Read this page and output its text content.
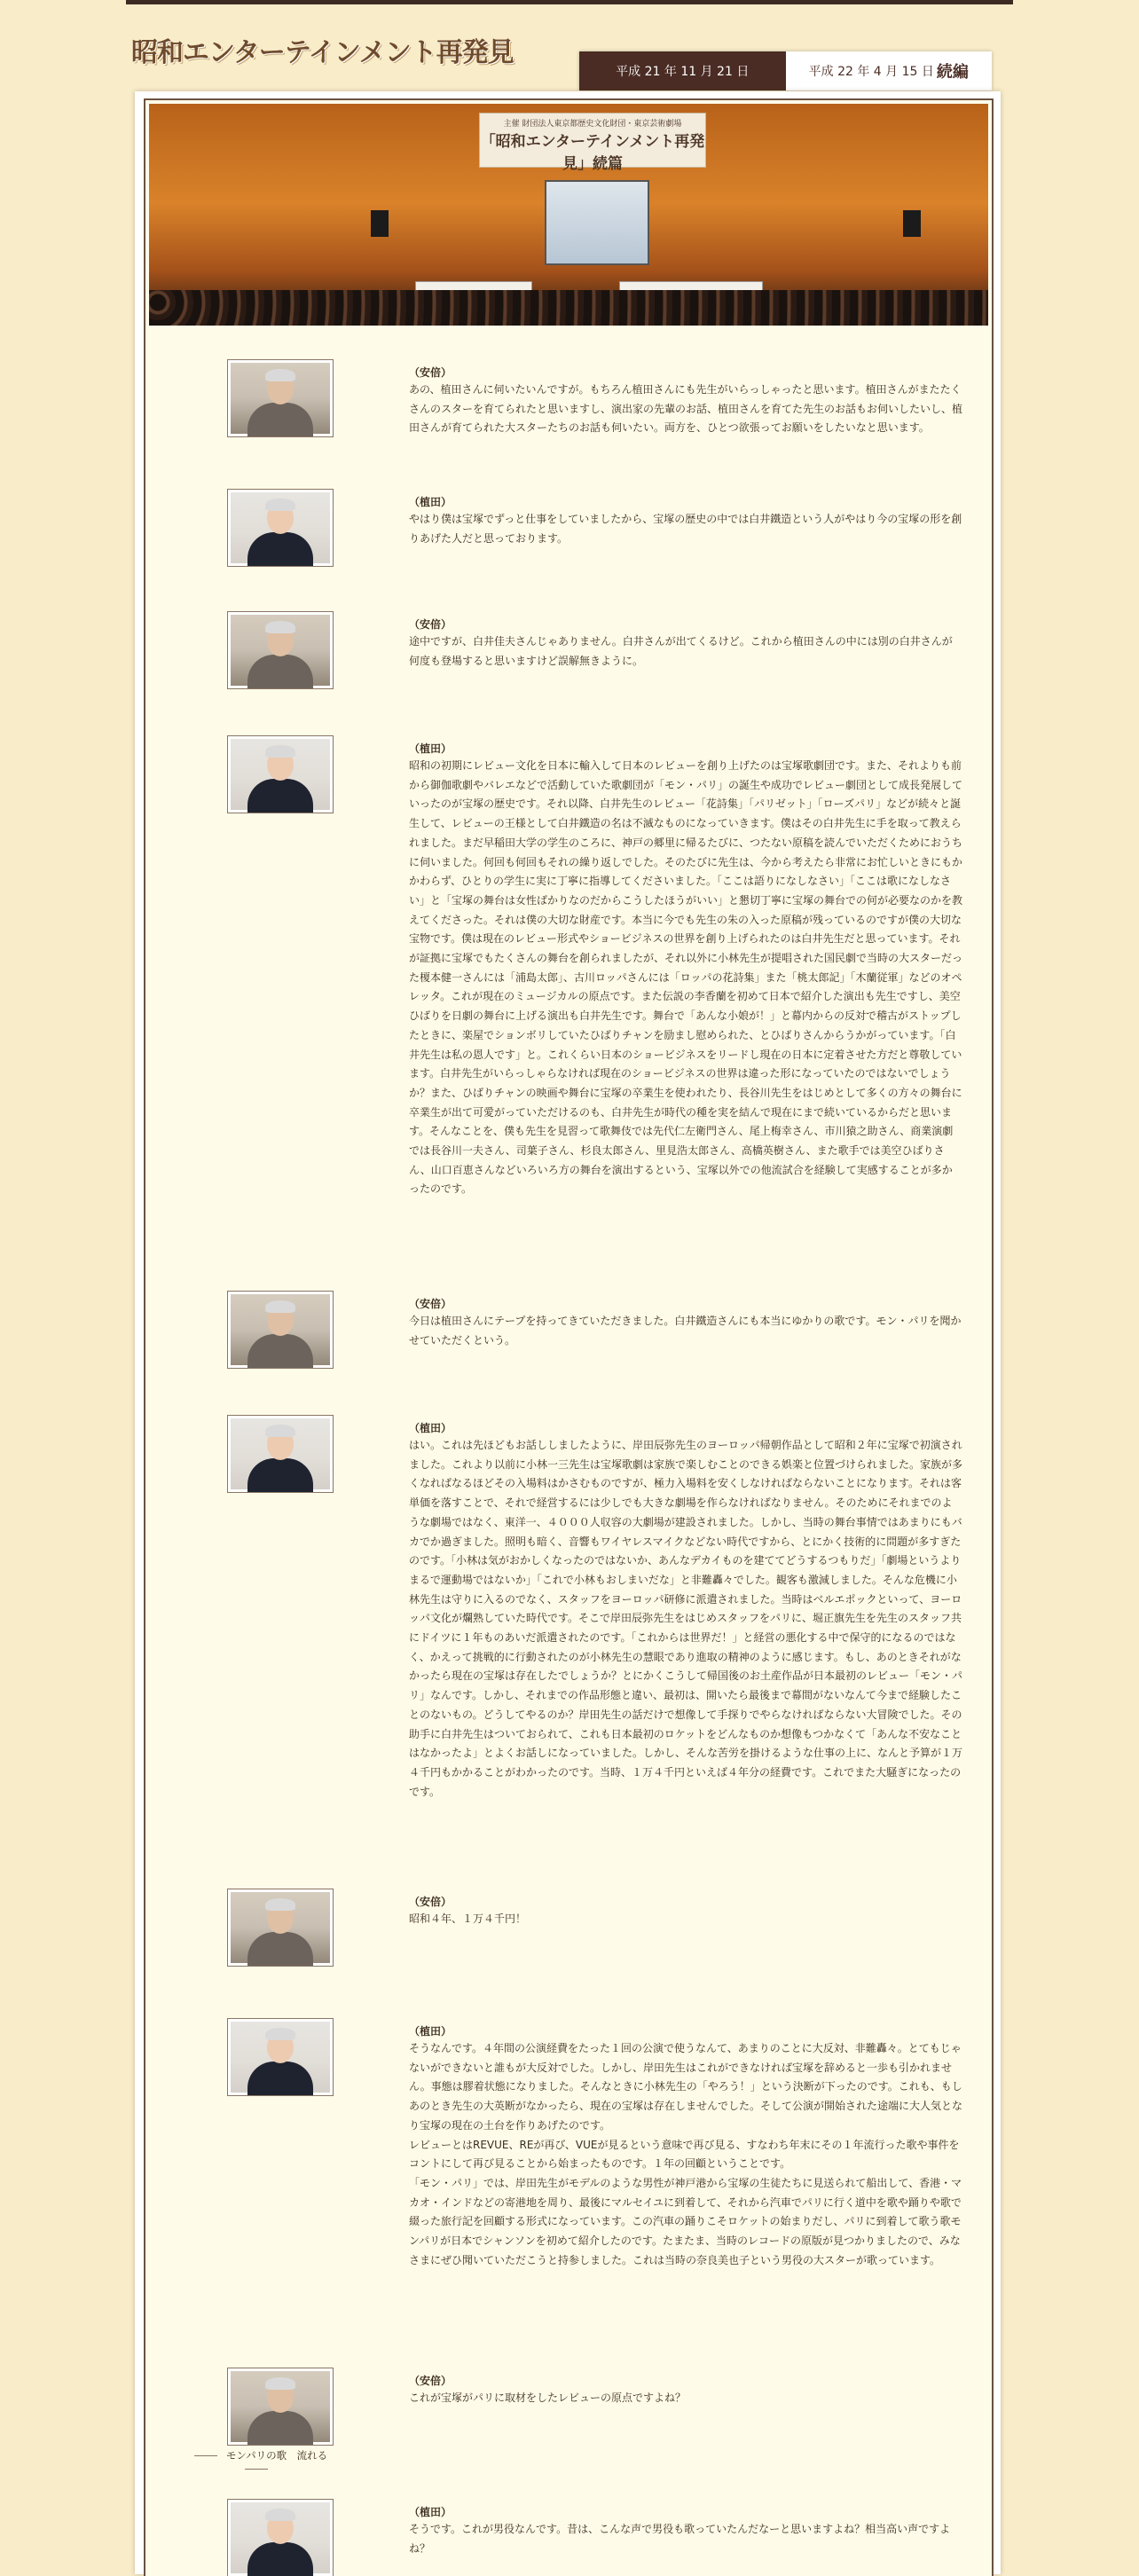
昭和エンターテインメント再発見
平成 21 年 11 月 21 日	平成 22 年 4 月 15 日 続編
主催 財団法人東京都歴史文化財団・東京芸術劇場
「昭和エンターテインメント再発見」続篇
モンパリの歌　流れる
（安倍）

あの、植田さんに伺いたいんですが。もちろん植田さんにも先生がいらっしゃったと思います。植田さんがまたたくさんのスターを育てられたと思いますし、演出家の先輩のお話、植田さんを育てた先生のお話もお伺いしたいし、植田さんが育てられた大スターたちのお話も伺いたい。両方を、ひとつ欲張ってお願いをしたいなと思います。

（植田）

やはり僕は宝塚でずっと仕事をしていましたから、宝塚の歴史の中では白井鐵造という人がやはり今の宝塚の形を創りあげた人だと思っております。

（安倍）

途中ですが、白井佳夫さんじゃありません。白井さんが出てくるけど。これから植田さんの中には別の白井さんが何度も登場すると思いますけど誤解無きように。

（植田）

昭和の初期にレビュー文化を日本に輸入して日本のレビューを創り上げたのは宝塚歌劇団です。また、それよりも前から御伽歌劇やバレエなどで活動していた歌劇団が「モン・パリ」の誕生や成功でレビュー劇団として成長発展していったのが宝塚の歴史です。それ以降、白井先生のレビュー「花詩集」「パリゼット」「ローズパリ」などが続々と誕生して、レビューの王様として白井鐵造の名は不滅なものになっていきます。僕はその白井先生に手を取って教えられました。まだ早稲田大学の学生のころに、神戸の郷里に帰るたびに、つたない原稿を読んでいただくためにおうちに伺いました。何回も何回もそれの繰り返しでした。そのたびに先生は、今から考えたら非常にお忙しいときにもかかわらず、ひとりの学生に実に丁寧に指導してくださいました。「ここは語りになしなさい」「ここは歌になしなさい」と「宝塚の舞台は女性ばかりなのだからこうしたほうがいい」と懇切丁寧に宝塚の舞台での何が必要なのかを教えてくださった。それは僕の大切な財産です。本当に今でも先生の朱の入った原稿が残っているのですが僕の大切な宝物です。僕は現在のレビュー形式やショービジネスの世界を創り上げられたのは白井先生だと思っています。それが証拠に宝塚でもたくさんの舞台を創られましたが、それ以外に小林先生が提唱された国民劇で当時の大スターだった榎本健一さんには「浦島太郎」、古川ロッパさんには「ロッパの花詩集」また「桃太郎記」「木蘭従軍」などのオペレッタ。これが現在のミュージカルの原点です。また伝説の李香蘭を初めて日本で紹介した演出も先生ですし、美空ひばりを日劇の舞台に上げる演出も白井先生です。舞台で「あんな小娘が！」と幕内からの反対で稽古がストップしたときに、楽屋でションボリしていたひばりチャンを励まし慰められた、とひばりさんからうかがっています。「白井先生は私の恩人です」と。これくらい日本のショービジネスをリードし現在の日本に定着させた方だと尊敬しています。白井先生がいらっしゃらなければ現在のショービジネスの世界は違った形になっていたのではないでしょうか？また、ひばりチャンの映画や舞台に宝塚の卒業生を使われたり、長谷川先生をはじめとして多くの方々の舞台に卒業生が出て可愛がっていただけるのも、白井先生が時代の種を実を結んで現在にまで続いているからだと思います。そんなことを、僕も先生を見習って歌舞伎では先代仁左衛門さん、尾上梅幸さん、市川猿之助さん、商業演劇では長谷川一夫さん、司葉子さん、杉良太郎さん、里見浩太郎さん、高橋英樹さん、また歌手では美空ひばりさん、山口百恵さんなどいろいろ方の舞台を演出するという、宝塚以外での他流試合を経験して実感することが多かったのです。

（安倍）

今日は植田さんにテープを持ってきていただきました。白井鐵造さんにも本当にゆかりの歌です。モン・パリを聞かせていただくという。

（植田）

はい。これは先ほどもお話ししましたように、岸田辰弥先生のヨーロッパ帰朝作品として昭和２年に宝塚で初演されました。これより以前に小林一三先生は宝塚歌劇は家族で楽しむことのできる娯楽と位置づけられました。家族が多くなればなるほどその入場料はかさむものですが、極力入場料を安くしなければならないことになります。それは客単価を落すことで、それで経営するには少しでも大きな劇場を作らなければなりません。そのためにそれまでのような劇場ではなく、東洋一、４０００人収容の大劇場が建設されました。しかし、当時の舞台事情ではあまりにもバカでか過ぎました。照明も暗く、音響もワイヤレスマイクなどない時代ですから、とにかく技術的に問題が多すぎたのです。「小林は気がおかしくなったのではないか、あんなデカイものを建ててどうするつもりだ」「劇場というよりまるで運動場ではないか」「これで小林もおしまいだな」と非難轟々でした。観客も激減しました。そんな危機に小林先生は守りに入るのでなく、スタッフをヨーロッパ研修に派遣されました。当時はベルエポックといって、ヨーロッパ文化が爛熟していた時代です。そこで岸田辰弥先生をはじめスタッフをパリに、堀正旗先生を先生のスタッフ共にドイツに１年ものあいだ派遣されたのです。「これからは世界だ！」と経営の悪化する中で保守的になるのではなく、かえって挑戦的に行動されたのが小林先生の慧眼であり進取の精神のように感じます。もし、あのときそれがなかったら現在の宝塚は存在したでしょうか？とにかくこうして帰国後のお土産作品が日本最初のレビュー「モン・パリ」なんです。しかし、それまでの作品形態と違い、最初は、開いたら最後まで幕間がないなんて今まで経験したことのないもの。どうしてやるのか？岸田先生の話だけで想像して手探りでやらなければならない大冒険でした。その助手に白井先生はついておられて、これも日本最初のロケットをどんなものか想像もつかなくて「あんな不安なことはなかったよ」とよくお話しになっていました。しかし、そんな苦労を掛けるような仕事の上に、なんと予算が１万４千円もかかることがわかったのです。当時、１万４千円といえば４年分の経費です。これでまた大騒ぎになったのです。

（安倍）

昭和４年、１万４千円！

（植田）

そうなんです。４年間の公演経費をたった１回の公演で使うなんて、あまりのことに大反対、非難轟々。とてもじゃないができないと誰もが大反対でした。しかし、岸田先生はこれができなければ宝塚を辞めると一歩も引かれません。事態は膠着状態になりました。そんなときに小林先生の「やろう！」という決断が下ったのです。これも、もしあのとき先生の大英断がなかったら、現在の宝塚は存在しませんでした。そして公演が開始された途端に大人気となり宝塚の現在の土台を作りあげたのです。
レビューとはREVUE、REが再び、VUEが見るという意味で再び見る、すなわち年末にその１年流行った歌や事件をコントにして再び見ることから始まったものです。１年の回顧ということです。
「モン・パリ」では、岸田先生がモデルのような男性が神戸港から宝塚の生徒たちに見送られて船出して、香港・マカオ・インドなどの寄港地を周り、最後にマルセイユに到着して、それから汽車でパリに行く道中を歌や踊りや歌で綴った旅行記を回顧する形式になっています。この汽車の踊りこそロケットの始まりだし、パリに到着して歌う歌モンパリが日本でシャンソンを初めて紹介したのです。たまたま、当時のレコードの原版が見つかりましたので、みなさまにぜひ聞いていただこうと持参しました。これは当時の奈良美也子という男役の大スターが歌っています。

（安倍）

これが宝塚がパリに取材をしたレビューの原点ですよね？

（植田）

そうです。これが男役なんです。昔は、こんな声で男役も歌っていたんだなーと思いますよね？相当高い声ですよね？
